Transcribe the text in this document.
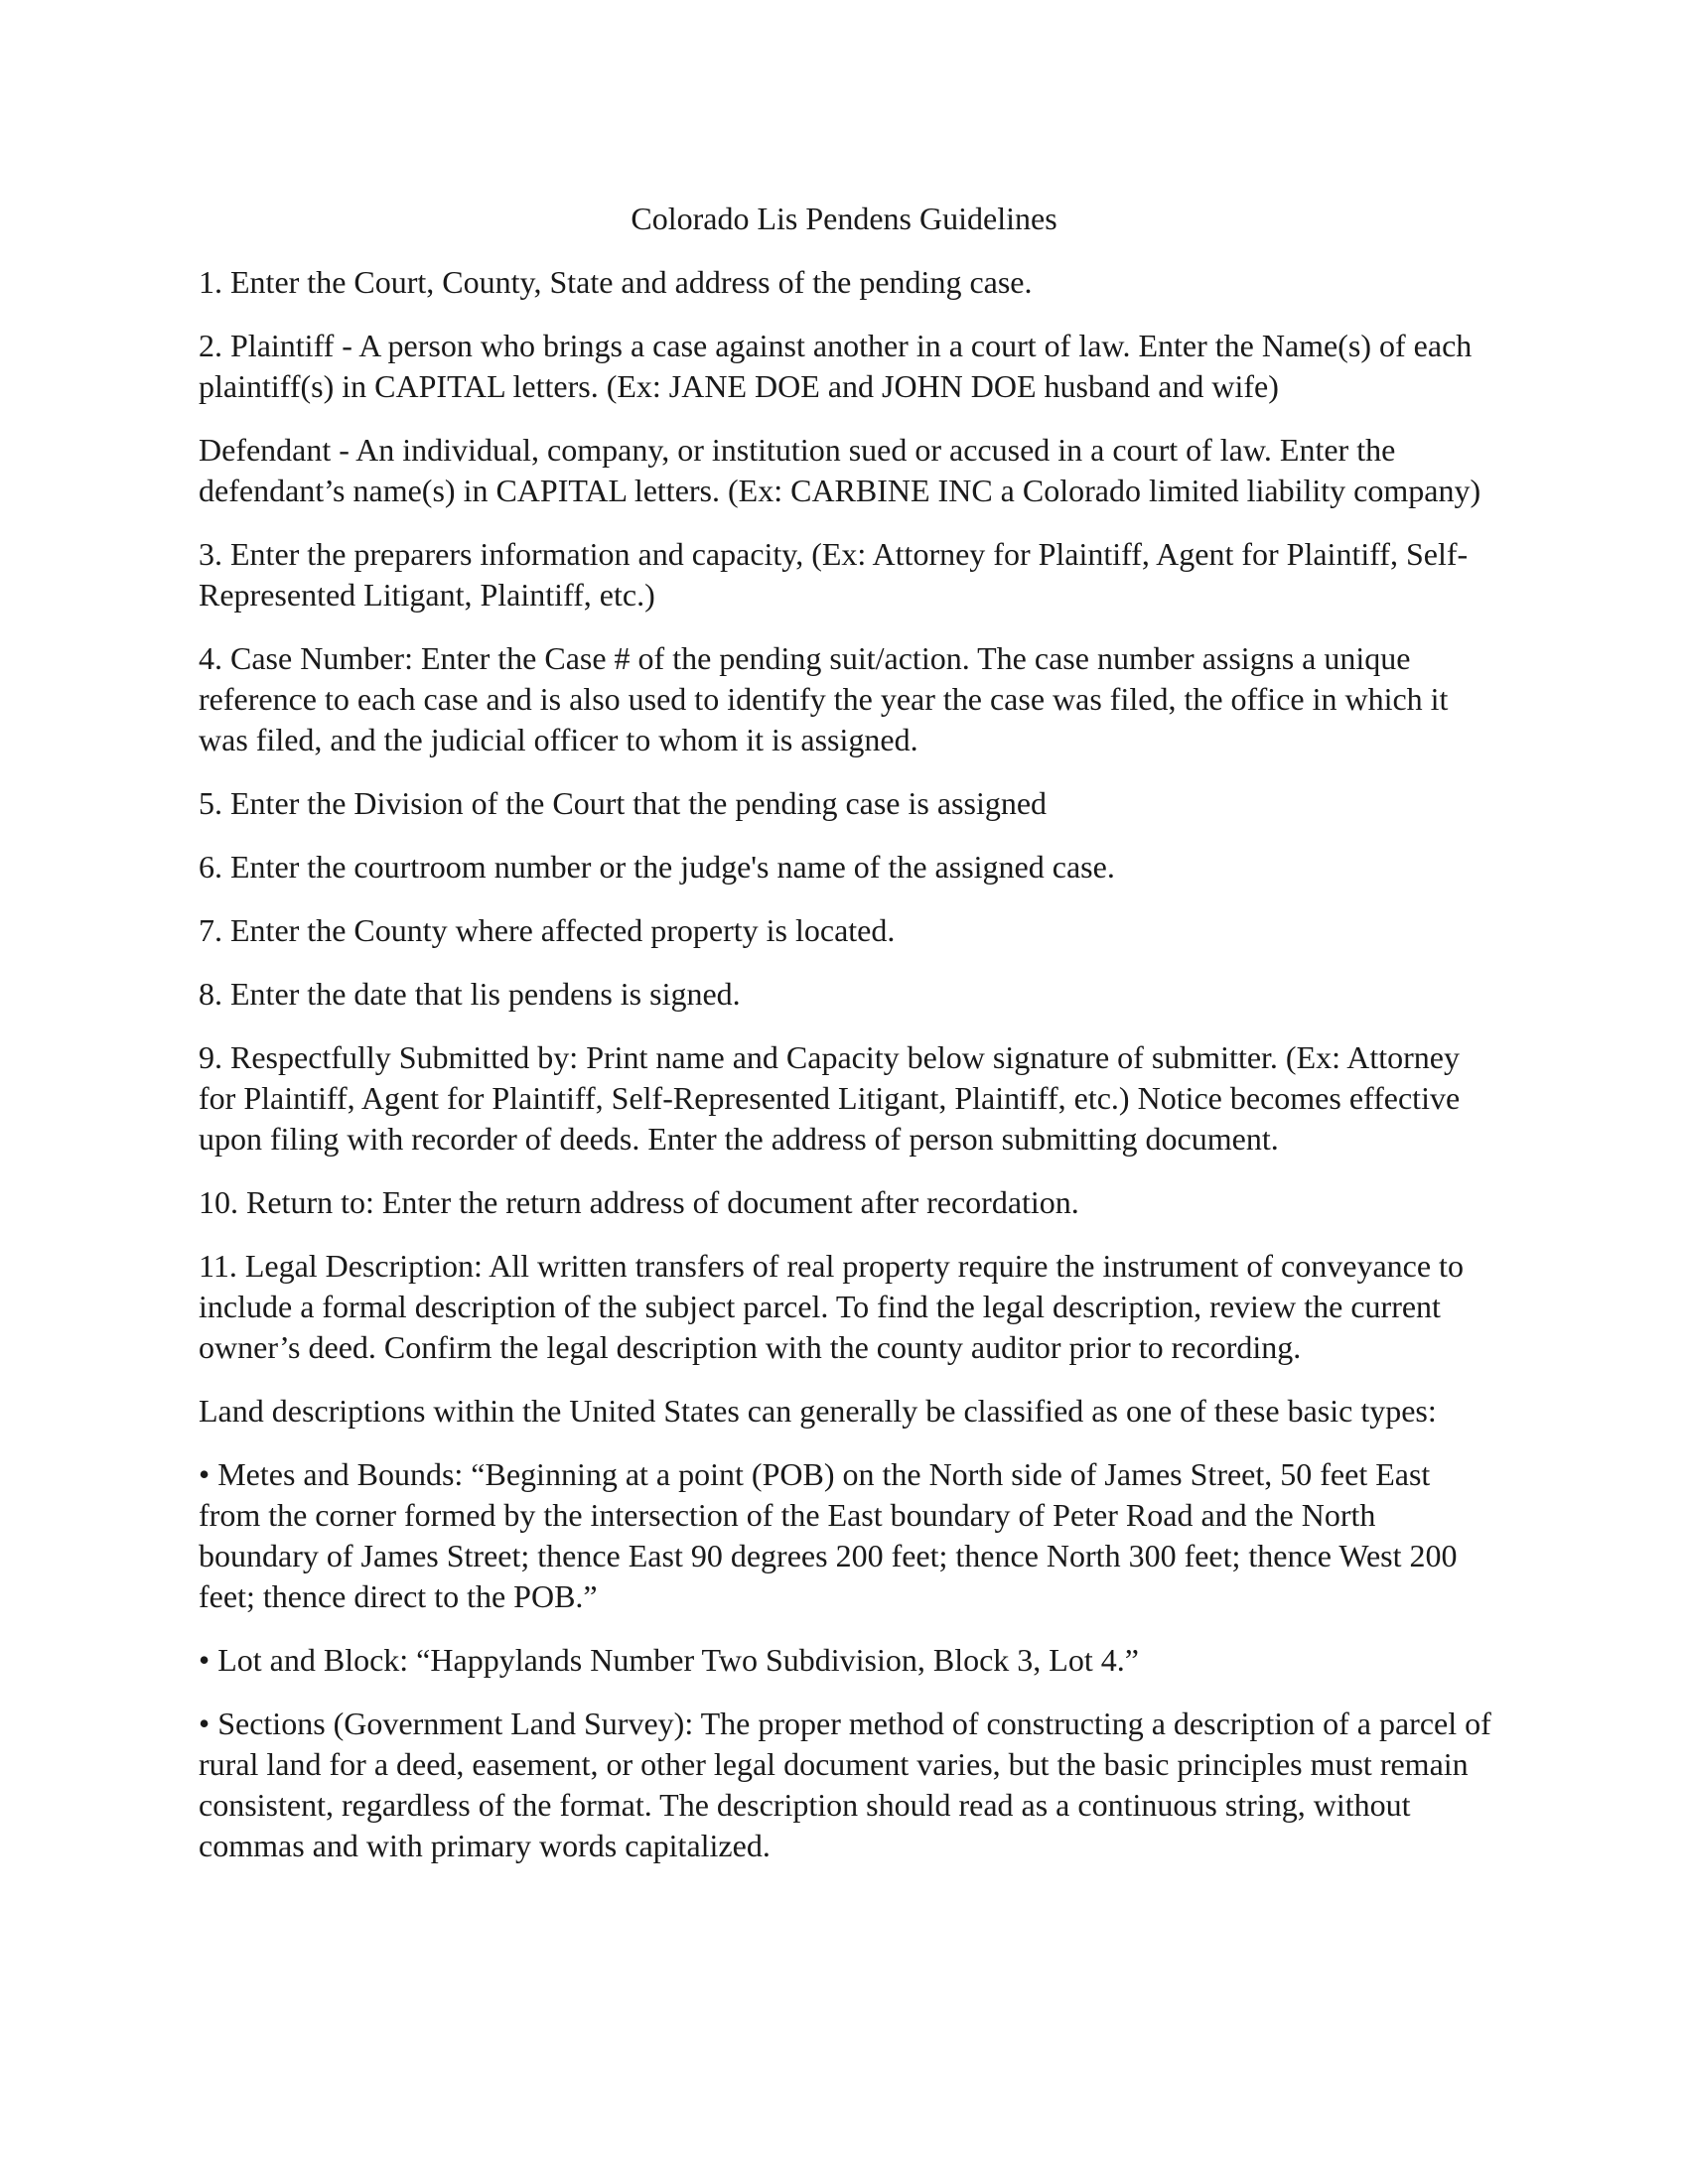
Colorado Lis Pendens Guidelines

1. Enter the Court, County, State and address of the pending case.

2. Plaintiff - A person who brings a case against another in a court of law. Enter the Name(s) of each plaintiff(s) in CAPITAL letters. (Ex: JANE DOE and JOHN DOE husband and wife)

Defendant - An individual, company, or institution sued or accused in a court of law. Enter the defendant’s name(s) in CAPITAL letters. (Ex: CARBINE INC a Colorado limited liability company)

3. Enter the preparers information and capacity, (Ex: Attorney for Plaintiff, Agent for Plaintiff, Self-Represented Litigant, Plaintiff, etc.)

4. Case Number: Enter the Case # of the pending suit/action. The case number assigns a unique reference to each case and is also used to identify the year the case was filed, the office in which it was filed, and the judicial officer to whom it is assigned.

5. Enter the Division of the Court that the pending case is assigned

6. Enter the courtroom number or the judge's name of the assigned case.

7. Enter the County where affected property is located.

8. Enter the date that lis pendens is signed.

9. Respectfully Submitted by: Print name and Capacity below signature of submitter. (Ex: Attorney for Plaintiff, Agent for Plaintiff, Self-Represented Litigant, Plaintiff, etc.) Notice becomes effective upon filing with recorder of deeds. Enter the address of person submitting document.

10. Return to: Enter the return address of document after recordation.

11. Legal Description: All written transfers of real property require the instrument of conveyance to include a formal description of the subject parcel. To find the legal description, review the current owner’s deed. Confirm the legal description with the county auditor prior to recording.

Land descriptions within the United States can generally be classified as one of these basic types:

• Metes and Bounds: “Beginning at a point (POB) on the North side of James Street, 50 feet East from the corner formed by the intersection of the East boundary of Peter Road and the North boundary of James Street; thence East 90 degrees 200 feet; thence North 300 feet; thence West 200 feet; thence direct to the POB.”

• Lot and Block: “Happylands Number Two Subdivision, Block 3, Lot 4.”

• Sections (Government Land Survey): The proper method of constructing a description of a parcel of rural land for a deed, easement, or other legal document varies, but the basic principles must remain consistent, regardless of the format. The description should read as a continuous string, without commas and with primary words capitalized.
